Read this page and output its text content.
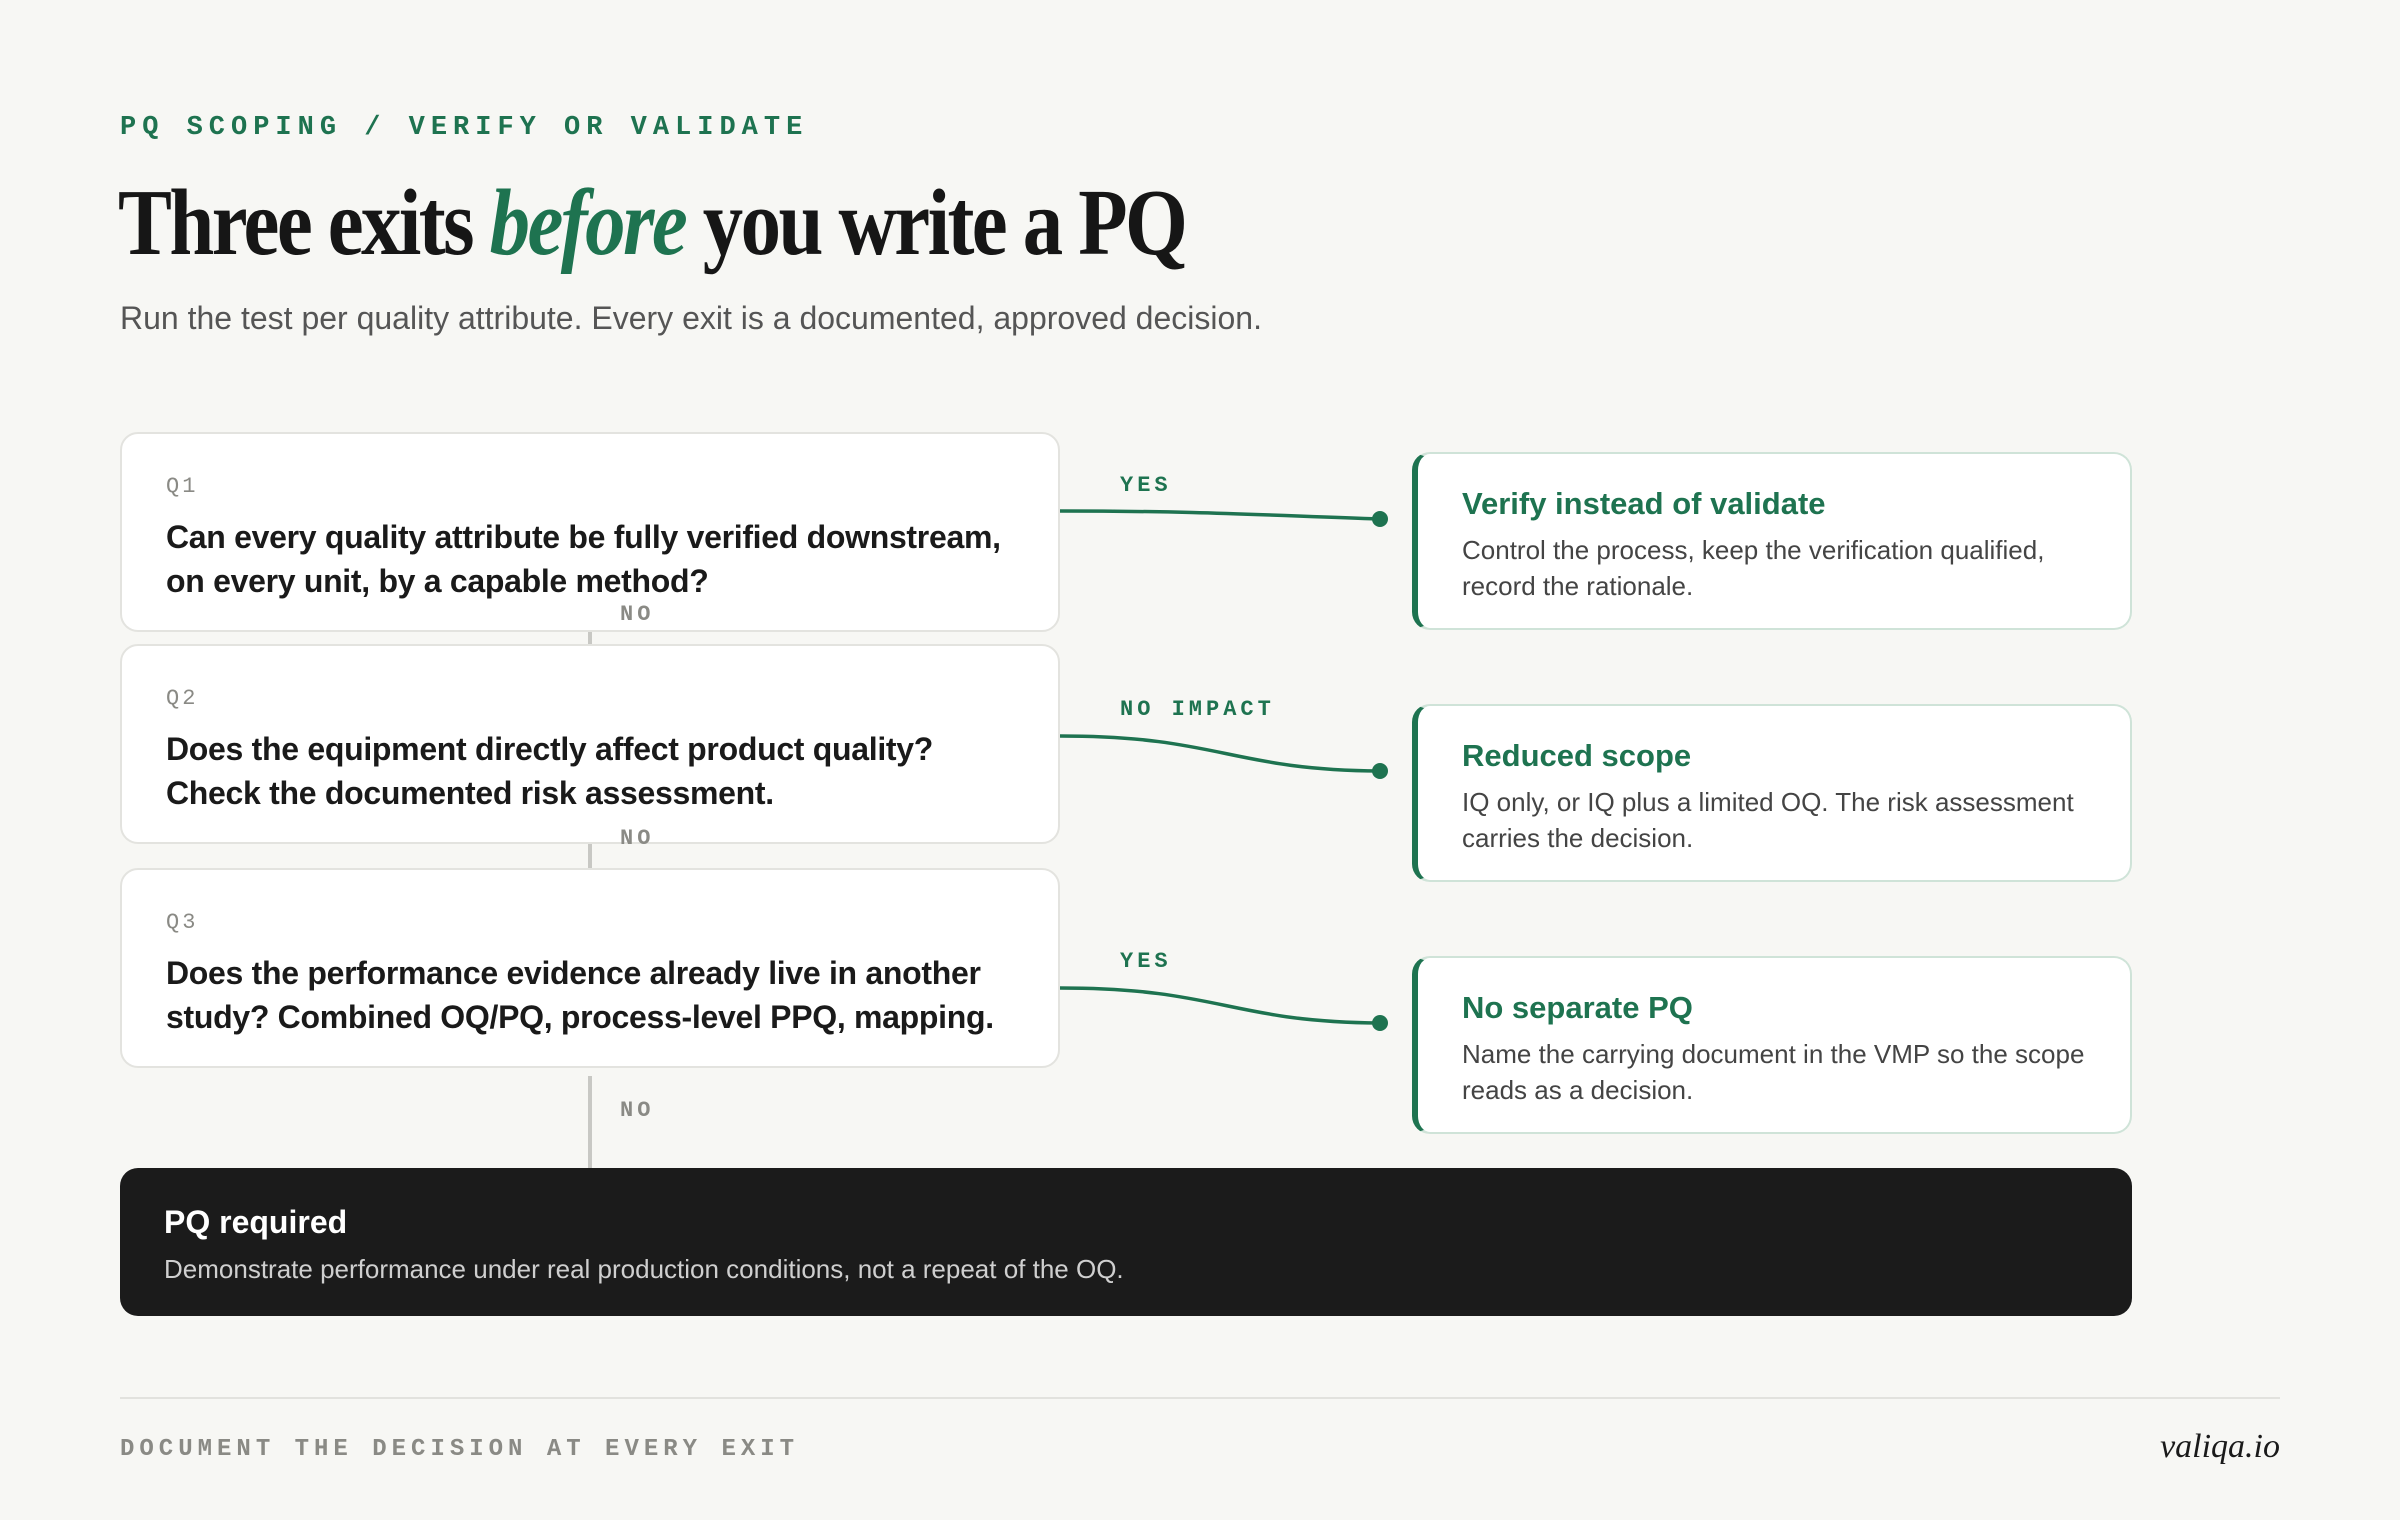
PQ SCOPING / VERIFY OR VALIDATE
Three exits before you write a PQ
Run the test per quality attribute. Every exit is a documented, approved decision.
Q1
Can every quality attribute be fully verified downstream, on every unit, by a capable method?
Q2
Does the equipment directly affect product quality? Check the documented risk assessment.
Q3
Does the performance evidence already live in another study? Combined OQ/PQ, process-level PPQ, mapping.
NO
NO
NO
YES
NO IMPACT
YES
Verify instead of validate
Control the process, keep the verification qualified, record the rationale.
Reduced scope
IQ only, or IQ plus a limited OQ. The risk assessment carries the decision.
No separate PQ
Name the carrying document in the VMP so the scope reads as a decision.
PQ required
Demonstrate performance under real production conditions, not a repeat of the OQ.
DOCUMENT THE DECISION AT EVERY EXIT	valiqa.io
